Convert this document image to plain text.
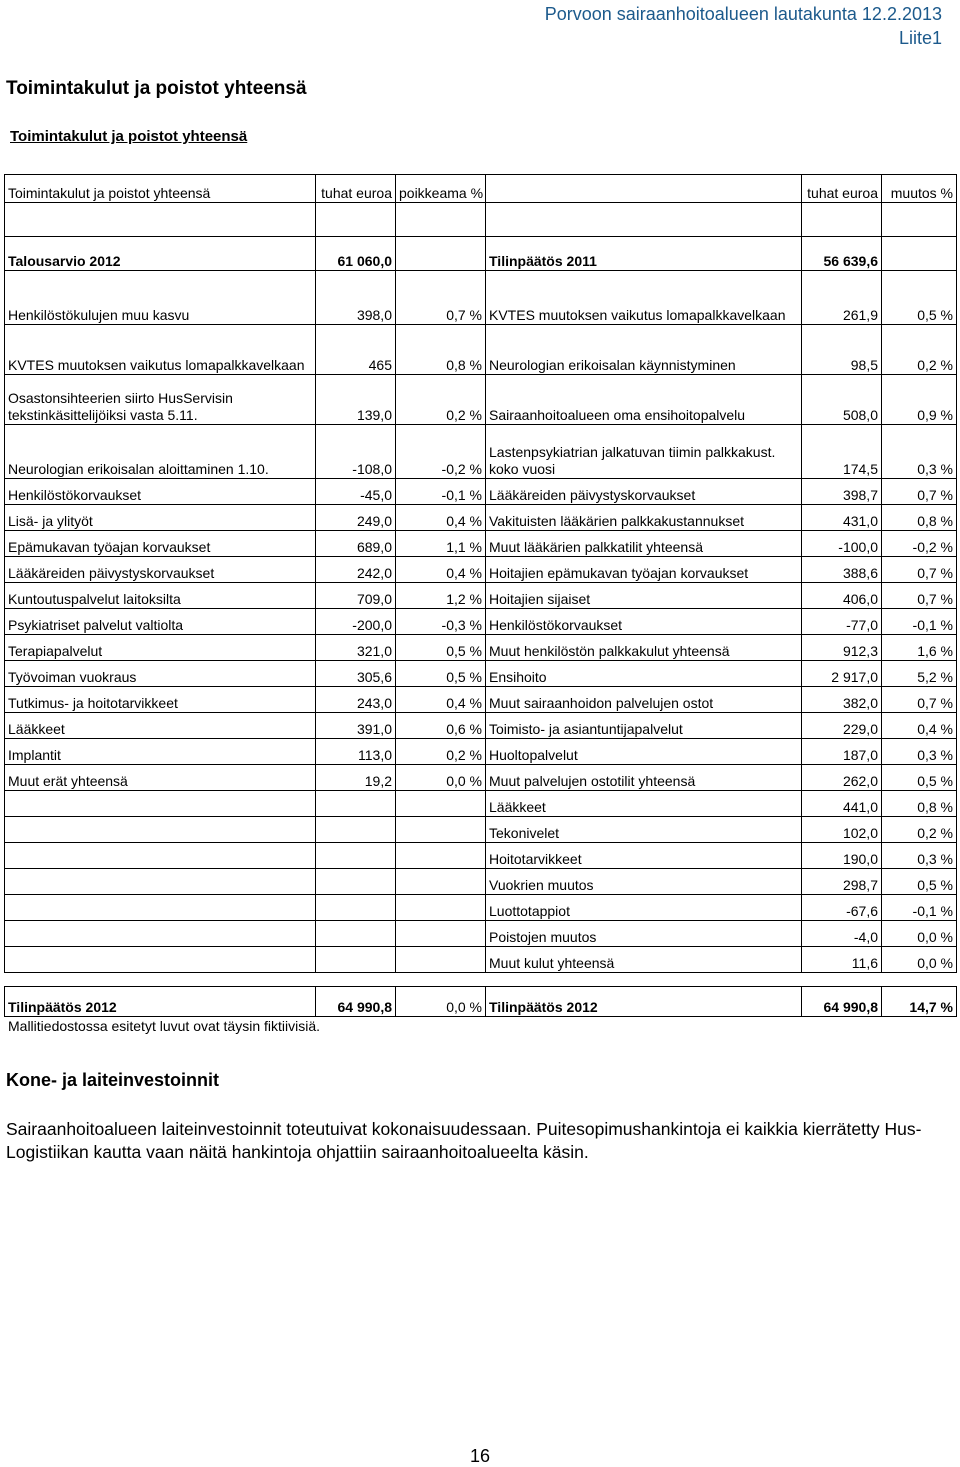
Porvoon sairaanhoitoalueen lautakunta 12.2.2013
Liite1
Toimintakulut ja poistot yhteensä
Toimintakulut ja poistot yhteensä
Toimintakulut ja poistot yhteensä	tuhat euroa	poikkeama %		tuhat euroa	muutos %

Talousarvio 2012	61 060,0		Tilinpäätös 2011	56 639,6	
Henkilöstökulujen muu kasvu	398,0	0,7 %	KVTES muutoksen vaikutus lomapalkkavelkaan	261,9	0,5 %
KVTES muutoksen vaikutus lomapalkkavelkaan	465	0,8 %	Neurologian erikoisalan käynnistyminen	98,5	0,2 %
Osastonsihteerien siirto HusServisin tekstinkäsittelijöiksi vasta 5.11.	139,0	0,2 %	Sairaanhoitoalueen oma ensihoitopalvelu	508,0	0,9 %
Neurologian erikoisalan aloittaminen 1.10.	-108,0	-0,2 %	Lastenpsykiatrian jalkatuvan tiimin palkkakust. koko vuosi	174,5	0,3 %
Henkilöstökorvaukset	-45,0	-0,1 %	Lääkäreiden päivystyskorvaukset	398,7	0,7 %
Lisä- ja ylityöt	249,0	0,4 %	Vakituisten lääkärien palkkakustannukset	431,0	0,8 %
Epämukavan työajan korvaukset	689,0	1,1 %	Muut lääkärien palkkatilit yhteensä	-100,0	-0,2 %
Lääkäreiden päivystyskorvaukset	242,0	0,4 %	Hoitajien epämukavan työajan korvaukset	388,6	0,7 %
Kuntoutuspalvelut laitoksilta	709,0	1,2 %	Hoitajien sijaiset	406,0	0,7 %
Psykiatriset palvelut valtiolta	-200,0	-0,3 %	Henkilöstökorvaukset	-77,0	-0,1 %
Terapiapalvelut	321,0	0,5 %	Muut henkilöstön palkkakulut yhteensä	912,3	1,6 %
Työvoiman vuokraus	305,6	0,5 %	Ensihoito	2 917,0	5,2 %
Tutkimus- ja hoitotarvikkeet	243,0	0,4 %	Muut sairaanhoidon palvelujen ostot	382,0	0,7 %
Lääkkeet	391,0	0,6 %	Toimisto- ja asiantuntijapalvelut	229,0	0,4 %
Implantit	113,0	0,2 %	Huoltopalvelut	187,0	0,3 %
Muut erät yhteensä	19,2	0,0 %	Muut palvelujen ostotilit yhteensä	262,0	0,5 %
			Lääkkeet	441,0	0,8 %
			Tekonivelet	102,0	0,2 %
			Hoitotarvikkeet	190,0	0,3 %
			Vuokrien muutos	298,7	0,5 %
			Luottotappiot	-67,6	-0,1 %
			Poistojen muutos	-4,0	0,0 %
			Muut kulut yhteensä	11,6	0,0 %

Tilinpäätös 2012	64 990,8	0,0 %	Tilinpäätös 2012	64 990,8	14,7 %
Mallitiedostossa esitetyt luvut ovat täysin fiktiivisiä.
Kone- ja laiteinvestoinnit
Sairaanhoitoalueen laiteinvestoinnit toteutuivat kokonaisuudessaan. Puitesopimushankintoja ei kaikkia kierrätetty Hus-Logistiikan kautta vaan näitä hankintoja ohjattiin sairaanhoitoalueelta käsin.
16
